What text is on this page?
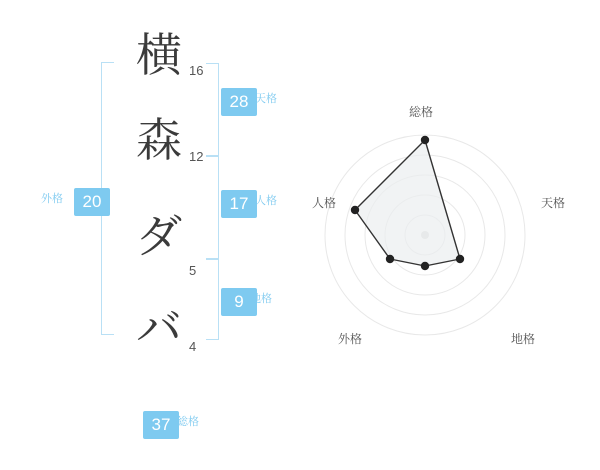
20
外格
横 16
森 12
ダ
5
バ 4
28 天格
17 人格
9 地格
37 総格
総格
天格
地格
外格
人格
